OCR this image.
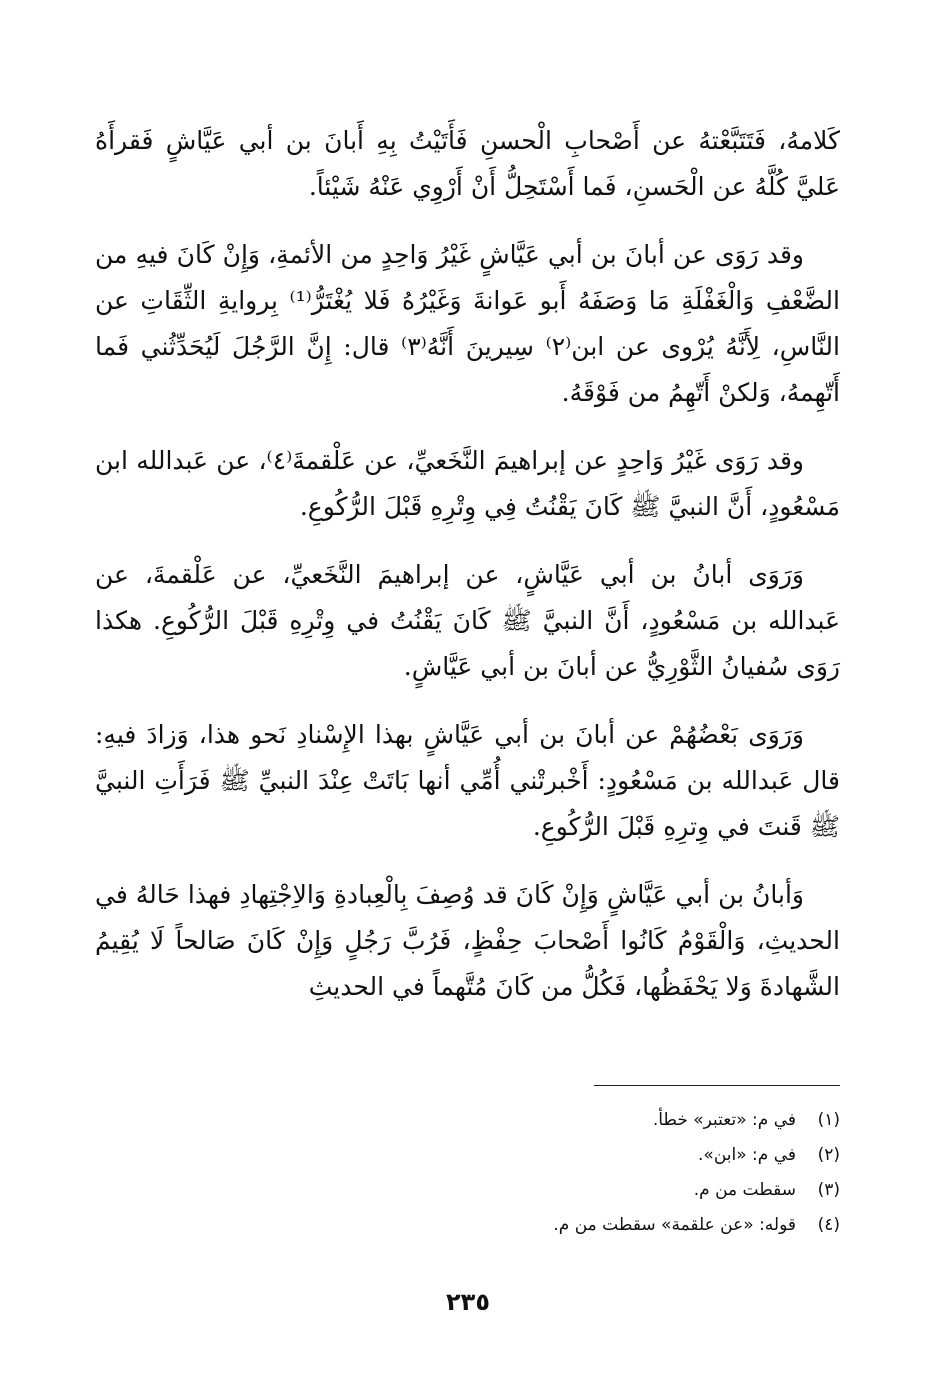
كَلامهُ، فَتَتَبَّعْتهُ عن أَصْحابِ الْحسنِ فَأَتَيْتُ بِهِ أَبانَ بن أبي عَيَّاشٍ فَقرأَهُ عَليَّ كُلَّهُ عن الْحَسنِ، فَما أَسْتَحِلُّ أَنْ أَرْوِي عَنْهُ شَيْئاً.

وقد رَوَى عن أبانَ بن أبي عَيَّاشٍ غَيْرُ وَاحِدٍ من الأئمةِ، وَإِنْ كَانَ فيهِ من الضَّعْفِ وَالْغَفْلَةِ مَا وَصَفَهُ أَبو عَوانةَ وَغَيْرُهُ فَلا يُغْتَرُّ⁽¹⁾ بِروايةِ الثِّقَاتِ عن النَّاسِ، لِأَنَّهُ يُرْوى عن ابن⁽٢⁾ سِيرينَ أَنَّهُ⁽٣⁾ قال: إِنَّ الرَّجُلَ لَيُحَدِّثُني فَما أَتّهِمهُ، وَلكنْ أَتّهِمُ من فَوْقَهُ.

وقد رَوَى غَيْرُ وَاحِدٍ عن إبراهيمَ النَّخَعيِّ، عن عَلْقمةَ⁽٤⁾، عن عَبدالله ابن مَسْعُودٍ، أَنَّ النبيَّ ﷺ كَانَ يَقْنُتُ فِي وِتْرِهِ قَبْلَ الرُّكُوعِ.

وَرَوَى أبانُ بن أبي عَيَّاشٍ، عن إبراهيمَ النَّخَعيِّ، عن عَلْقمةَ، عن عَبدالله بن مَسْعُودٍ، أَنَّ النبيَّ ﷺ كَانَ يَقْنُتُ في وِتْرِهِ قَبْلَ الرُّكُوعِ. هكذا رَوَى سُفيانُ الثَّوْرِيُّ عن أبانَ بن أبي عَيَّاشٍ.

وَرَوَى بَعْضُهُمْ عن أبانَ بن أبي عَيَّاشٍ بهذا الإِسْنادِ نَحو هذا، وَزادَ فيهِ: قال عَبدالله بن مَسْعُودٍ: أَخْبرتْني أُمِّي أنها بَاتَتْ عِنْدَ النبيِّ ﷺ فَرَأَتِ النبيَّ ﷺ قَنتَ في وِترِهِ قَبْلَ الرُّكُوعِ.

وَأبانُ بن أبي عَيَّاشٍ وَإِنْ كَانَ قد وُصِفَ بِالْعِبادةِ وَالاِجْتِهادِ فهذا حَالهُ في الحديثِ، وَالْقَوْمُ كَانُوا أَصْحابَ حِفْظٍ، فَرُبَّ رَجُلٍ وَإِنْ كَانَ صَالحاً لَا يُقِيمُ الشَّهادةَ وَلا يَحْفَظُها، فَكُلُّ من كَانَ مُتَّهماً في الحديثِ

(١)في م: «تعتبر» خطأ.
(٢)في م: «ابن».
(٣)سقطت من م.
(٤)قوله: «عن علقمة» سقطت من م.
٢٣٥
